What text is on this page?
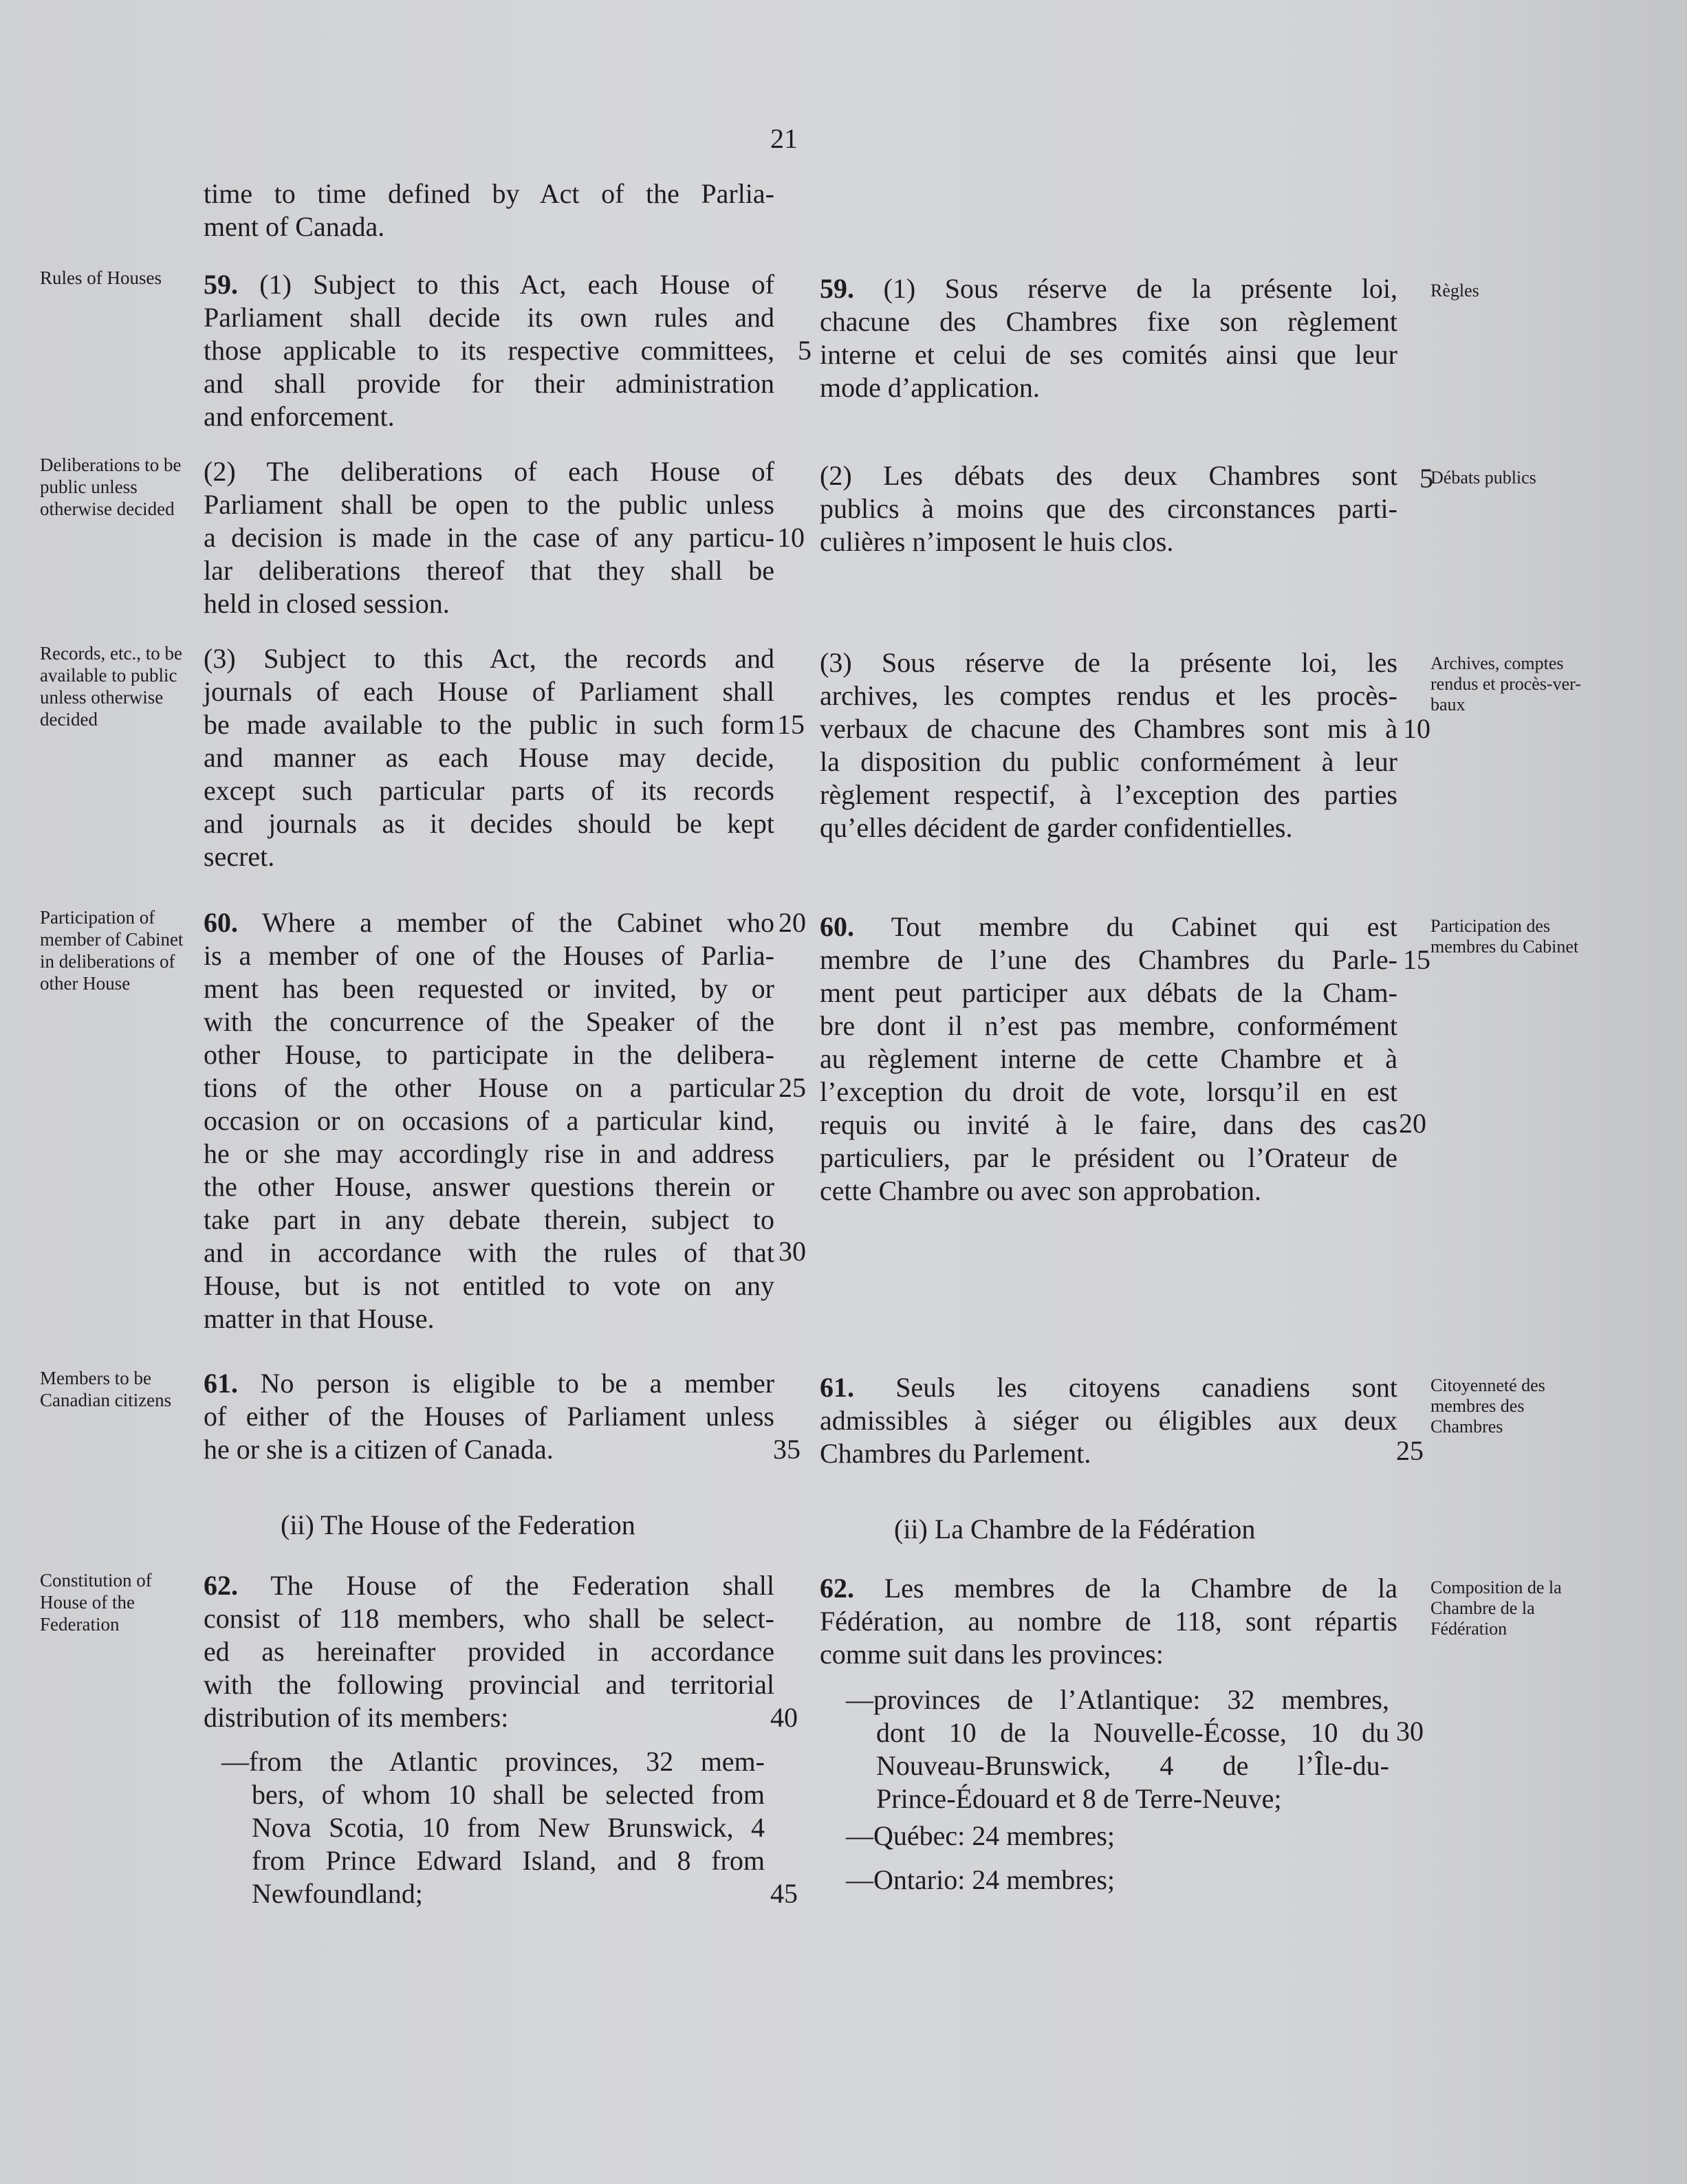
21
time to time defined by Act of the Parlia-
ment of Canada.
Rules of Houses	59. (1) Subject to this Act, each House of
Parliament shall decide its own rules and
those applicable to its respective committees,
and shall provide for their administration
and enforcement.
Règles
59. (1) Sous réserve de la présente loi,
chacune des Chambres fixe son règlement
interne et celui de ses comités ainsi que leur
mode d’application.
Deliberations to be public unless otherwise decided
(2) The deliberations of each House of
Parliament shall be open to the public unless
a decision is made in the case of any particu-
lar deliberations thereof that they shall be
held in closed session.
Débats publics
(2) Les débats des deux Chambres sont
publics à moins que des circonstances parti-
culières n’imposent le huis clos.
Records, etc., to be available to public unless otherwise decided
(3) Subject to this Act, the records and
journals of each House of Parliament shall
be made available to the public in such form
and manner as each House may decide,
except such particular parts of its records
and journals as it decides should be kept
secret.
Archives, comptes rendus et procès-ver-baux
(3) Sous réserve de la présente loi, les
archives, les comptes rendus et les procès-
verbaux de chacune des Chambres sont mis à
la disposition du public conformément à leur
règlement respectif, à l’exception des parties
qu’elles décident de garder confidentielles.
Participation of member of Cabinet in deliberations of other House
60. Where a member of the Cabinet who
is a member of one of the Houses of Parlia-
ment has been requested or invited, by or
with the concurrence of the Speaker of the
other House, to participate in the delibera-
tions of the other House on a particular
occasion or on occasions of a particular kind,
he or she may accordingly rise in and address
the other House, answer questions therein or
take part in any debate therein, subject to
and in accordance with the rules of that
House, but is not entitled to vote on any
matter in that House.
Participation des membres du Cabinet
60. Tout membre du Cabinet qui est
membre de l’une des Chambres du Parle-
ment peut participer aux débats de la Cham-
bre dont il n’est pas membre, conformément
au règlement interne de cette Chambre et à
l’exception du droit de vote, lorsqu’il en est
requis ou invité à le faire, dans des cas
particuliers, par le président ou l’Orateur de
cette Chambre ou avec son approbation.
Members to be Canadian citizens
61. No person is eligible to be a member
of either of the Houses of Parliament unless
he or she is a citizen of Canada.
Citoyenneté des membres des Chambres
61. Seuls les citoyens canadiens sont
admissibles à siéger ou éligibles aux deux
Chambres du Parlement.
(ii) The House of the Federation	(ii) La Chambre de la Fédération
Constitution of House of the Federation
62. The House of the Federation shall
consist of 118 members, who shall be select-
ed as hereinafter provided in accordance
with the following provincial and territorial
distribution of its members:
—from the Atlantic provinces, 32 mem-
bers, of whom 10 shall be selected from
Nova Scotia, 10 from New Brunswick, 4
from Prince Edward Island, and 8 from
Newfoundland;
Composition de la Chambre de la Fédération
62. Les membres de la Chambre de la
Fédération, au nombre de 118, sont répartis
comme suit dans les provinces:
—provinces de l’Atlantique: 32 membres,
dont 10 de la Nouvelle-Écosse, 10 du
Nouveau-Brunswick, 4 de l’Île-du-
Prince-Édouard et 8 de Terre-Neuve;
—Québec: 24 membres;
—Ontario: 24 membres;
5
10
15
20
25
30
35
40
45
5
10
15
20
25
30
